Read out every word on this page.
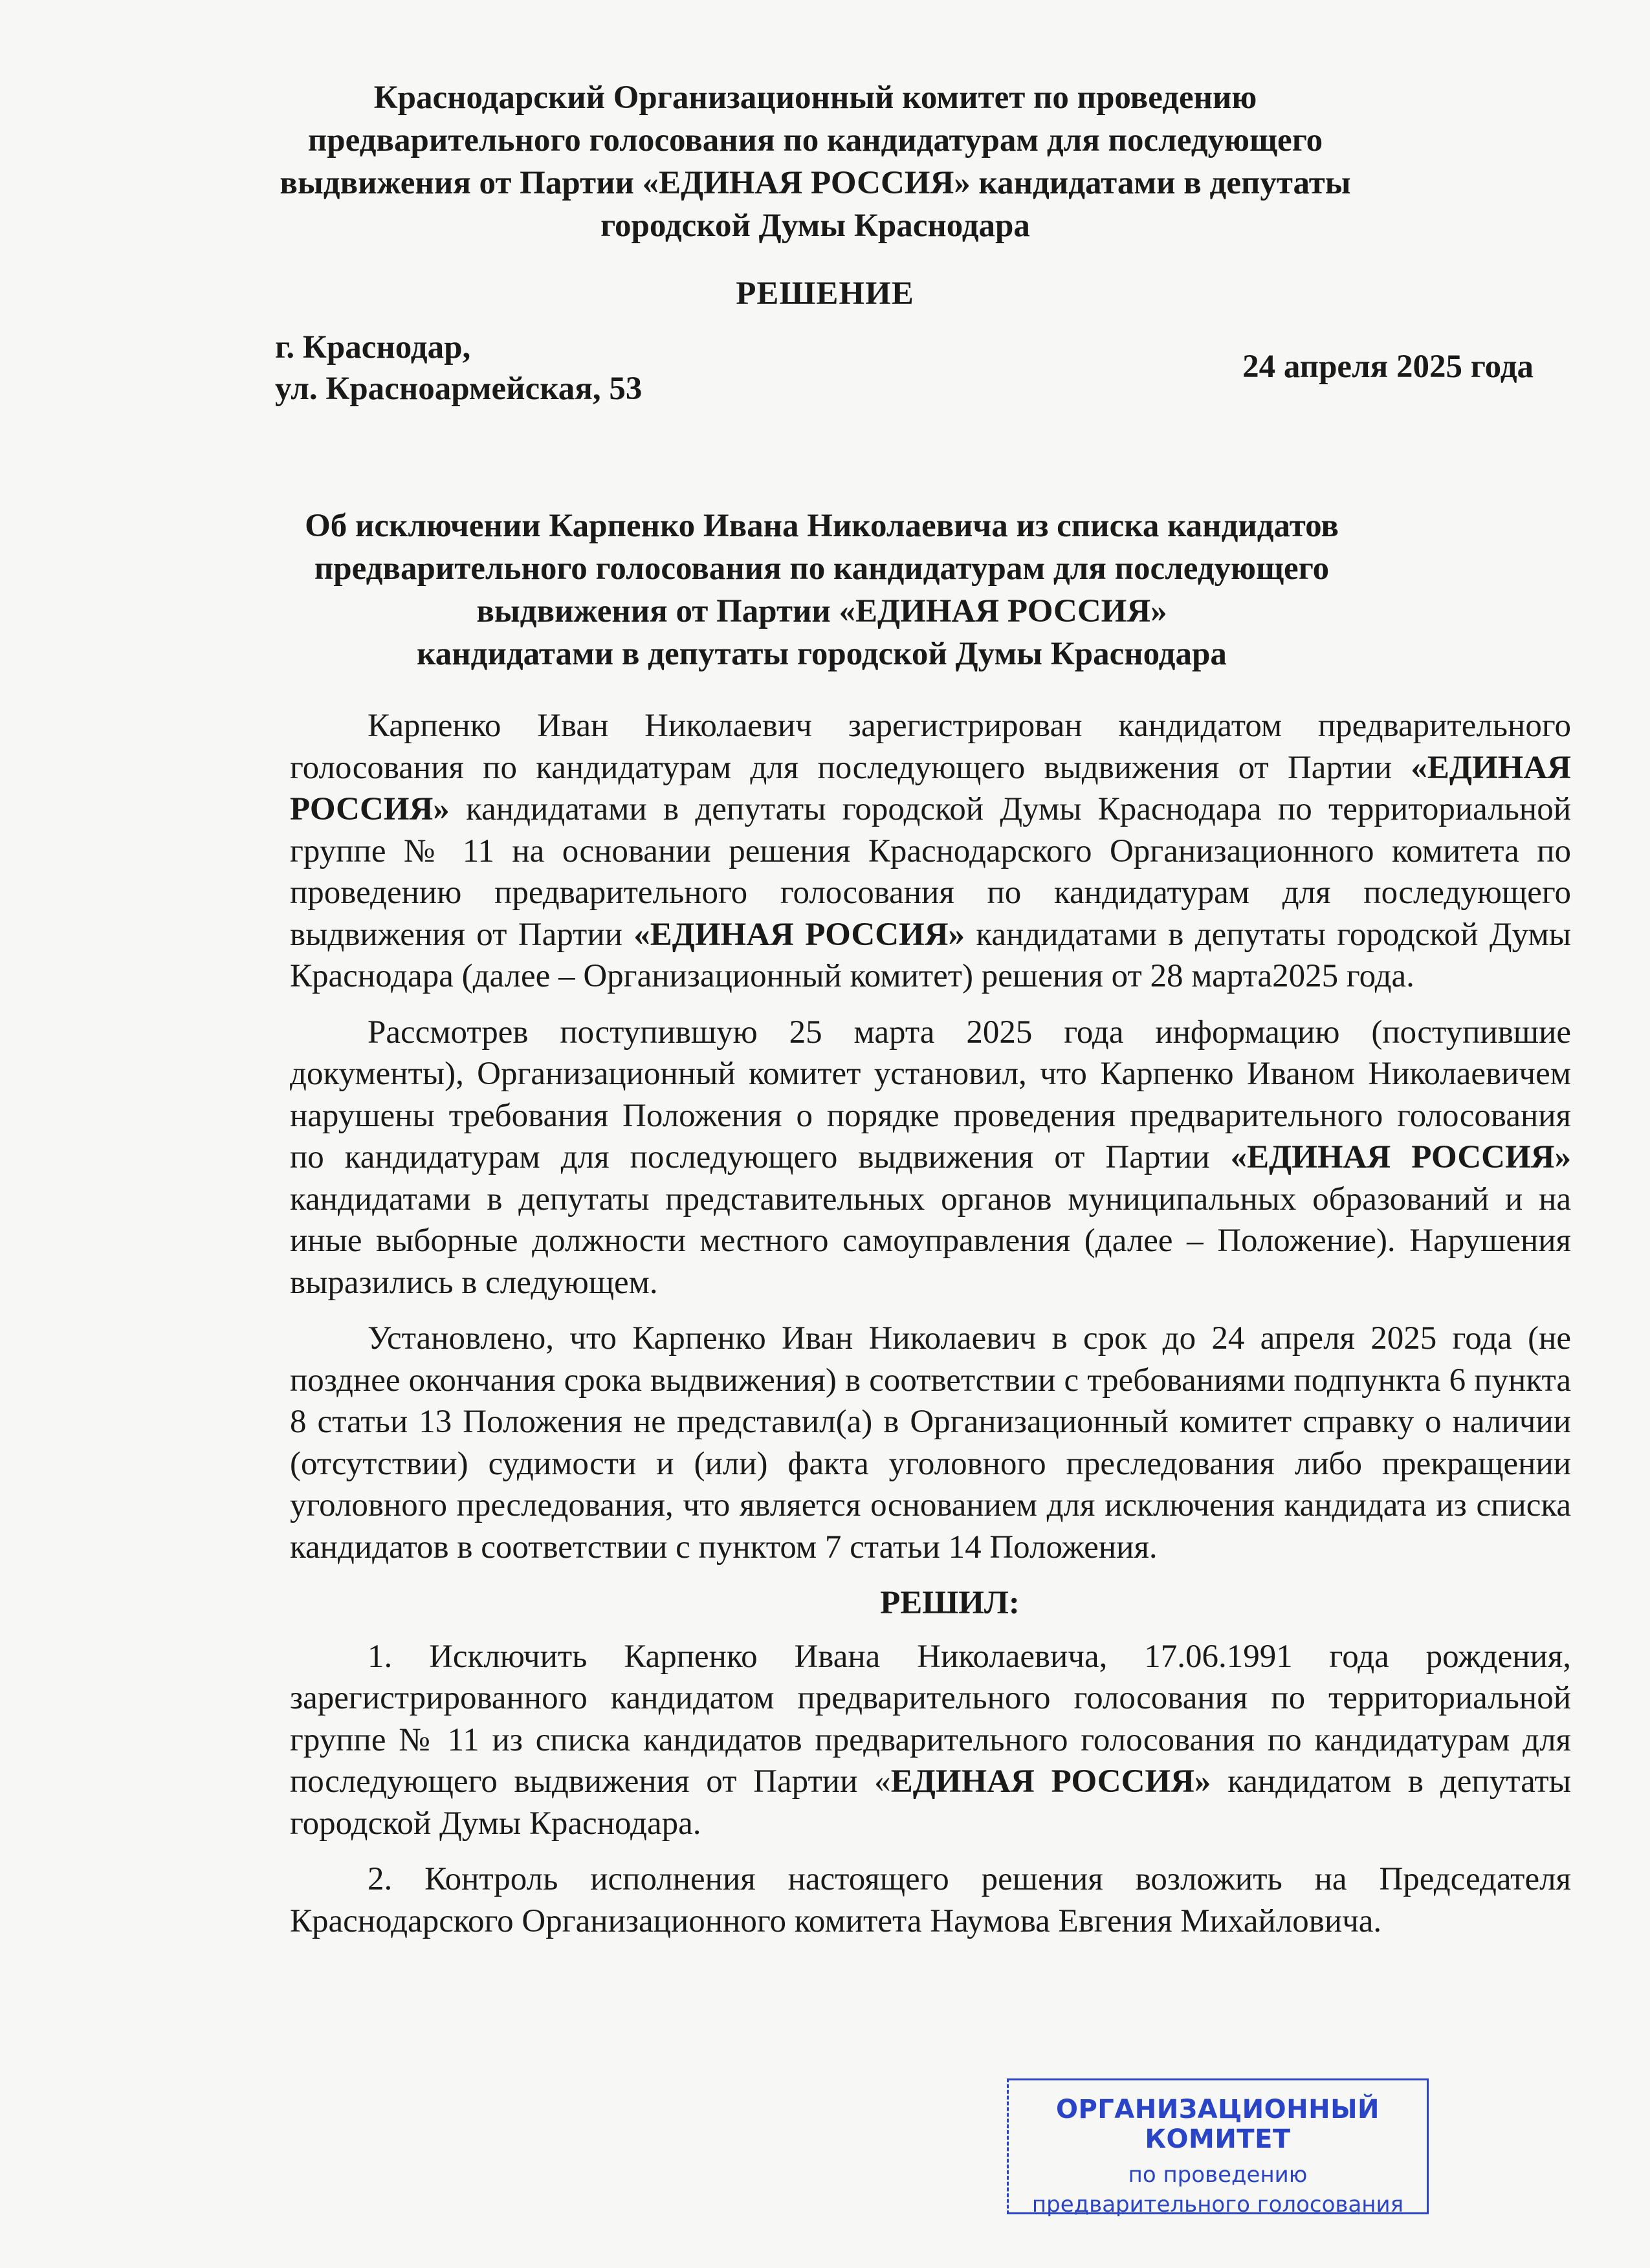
Краснодарский Организационный комитет по проведению
предварительного голосования по кандидатурам для последующего
выдвижения от Партии «ЕДИНАЯ РОССИЯ» кандидатами в депутаты
городской Думы Краснодара
РЕШЕНИЕ
г. Краснодар,
ул. Красноармейская, 53
24 апреля 2025 года
Об исключении Карпенко Ивана Николаевича из списка кандидатов
предварительного голосования по кандидатурам для последующего
выдвижения от Партии «ЕДИНАЯ РОССИЯ»
кандидатами в депутаты городской Думы Краснодара

Карпенко Иван Николаевич зарегистрирован кандидатом предварительного голосования по кандидатурам для последующего выдвижения от Партии «ЕДИНАЯ РОССИЯ» кандидатами в депутаты городской Думы Краснодара по территориальной группе № 11 на основании решения Краснодарского Организационного комитета по проведению предварительного голосования по кандидатурам для последующего выдвижения от Партии «ЕДИНАЯ РОССИЯ» кандидатами в депутаты городской Думы Краснодара (далее – Организационный комитет) решения от 28 марта2025 года.

Рассмотрев поступившую 25 марта 2025 года информацию (поступившие документы), Организационный комитет установил, что Карпенко Иваном Николаевичем нарушены требования Положения о порядке проведения предварительного голосования по кандидатурам для последующего выдвижения от Партии «ЕДИНАЯ РОССИЯ» кандидатами в депутаты представительных органов муниципальных образований и на иные выборные должности местного самоуправления (далее – Положение). Нарушения выразились в следующем.

Установлено, что Карпенко Иван Николаевич в срок до 24 апреля 2025 года (не позднее окончания срока выдвижения) в соответствии с требованиями подпункта 6 пункта 8 статьи 13 Положения не представил(а) в Организационный комитет справку о наличии (отсутствии) судимости и (или) факта уголовного преследования либо прекращении уголовного преследования, что является основанием для исключения кандидата из списка кандидатов в соответствии с пунктом 7 статьи 14 Положения.

РЕШИЛ:

1. Исключить Карпенко Ивана Николаевича, 17.06.1991 года рождения, зарегистрированного кандидатом предварительного голосования по территориальной группе № 11 из списка кандидатов предварительного голосования по кандидатурам для последующего выдвижения от Партии «ЕДИНАЯ РОССИЯ» кандидатом в депутаты городской Думы Краснодара.

2. Контроль исполнения настоящего решения возложить на Председателя Краснодарского Организационного комитета Наумова Евгения Михайловича.

ОРГАНИЗАЦИОННЫЙ КОМИТЕТ
по проведению
предварительного голосования
